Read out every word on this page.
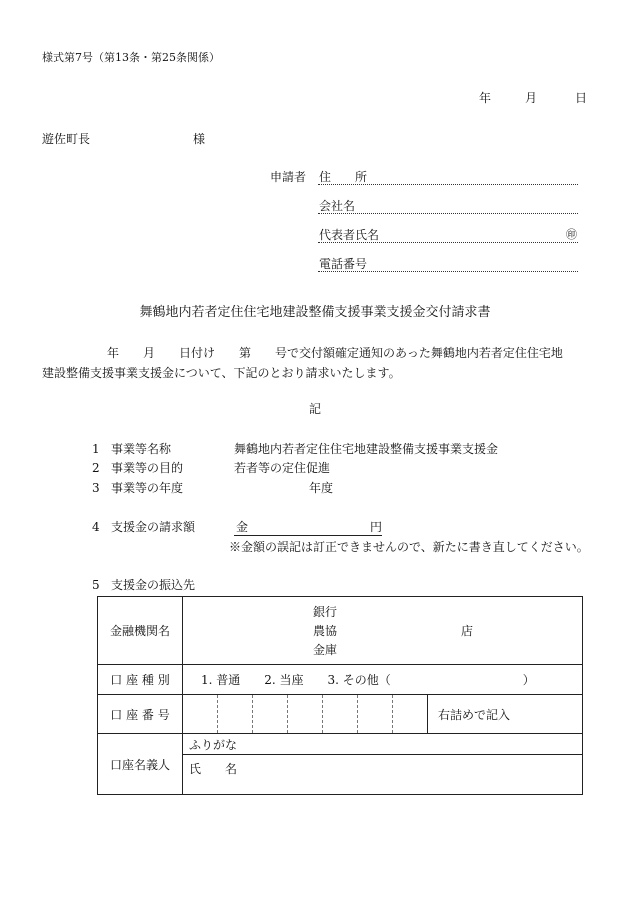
様式第7号（第13条・第25条関係）
年	月	日
遊佐町長	様
申請者 住　　所
会社名
代表者氏名	㊞
電話番号
舞鶴地内若者定住住宅地建設整備支援事業支援金交付請求書
年　　月　　日付け　　第　　号で交付額確定通知のあった舞鶴地内若者定住住宅地
建設整備支援事業支援金について、下記のとおり請求いたします。
記
1 事業等名称	舞鶴地内若者定住住宅地建設整備支援事業支援金
2 事業等の目的	若者等の定住促進
3 事業等の年度	年度
4 支援金の請求額	金	円
※金額の誤記は訂正できませんので、新たに書き直してください。
5 支援金の振込先
金融機関名	銀行
農協
金庫
店

口 座 種 別	1. 普通　　2. 当座　　3. その他（　　　　　　　　　　　）
口 座 番 号	右詰めで記入

口座名義人	ふりがな
氏　　名
